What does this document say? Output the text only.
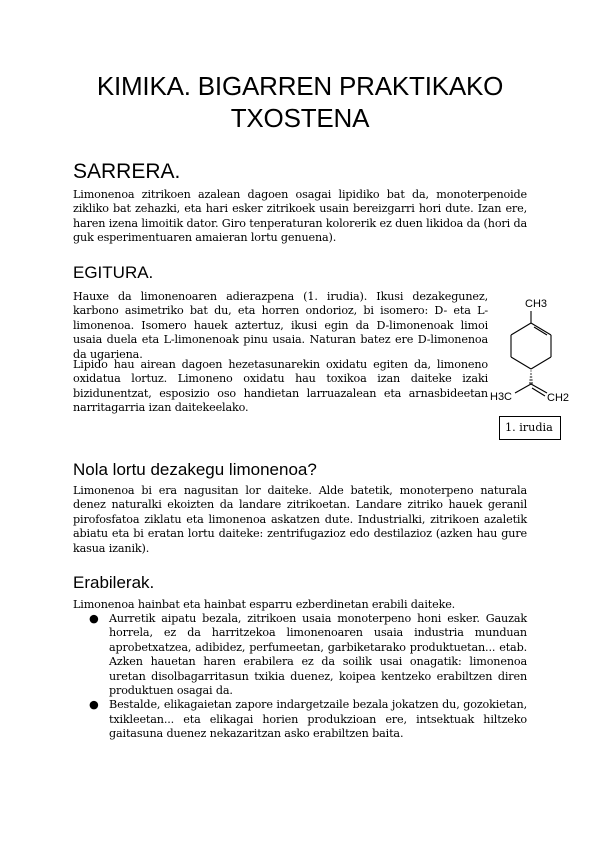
KIMIKA. BIGARREN PRAKTIKAKO
TXOSTENA
SARRERA.
Limonenoa zitrikoen azalean dagoen osagai lipidiko bat da, monoterpenoide zikliko bat zehazki, eta hari esker zitrikoek usain bereizgarri hori dute. Izan ere, haren izena limoitik dator. Giro tenperaturan kolorerik ez duen likidoa da (hori da guk esperimentuaren amaieran lortu genuena).
EGITURA.
Hauxe da limonenoaren adierazpena (1. irudia). Ikusi dezakegunez, karbono asimetriko bat du, eta horren ondorioz, bi isomero: D- eta L-limonenoa. Isomero hauek aztertuz, ikusi egin da D-limonenoak limoi usaia duela eta L-limonenoak pinu usaia. Naturan batez ere D-limonenoa da ugariena.
Lipido hau airean dagoen hezetasunarekin oxidatu egiten da, limoneno oxidatua lortuz. Limoneno oxidatu hau toxikoa izan daiteke izaki bizidunentzat, esposizio oso handietan larruazalean eta arnasbideetan narritagarria izan daitekeelako.
CH3
H3C	CH2
1. irudia
Nola lortu dezakegu limonenoa?
Limonenoa bi era nagusitan lor daiteke. Alde batetik, monoterpeno naturala denez naturalki ekoizten da landare zitrikoetan. Landare zitriko hauek geranil pirofosfatoa ziklatu eta limonenoa askatzen dute. Industrialki, zitrikoen azaletik abiatu eta bi eratan lortu daiteke: zentrifugazioz edo destilazioz (azken hau gure kasua izanik).
Erabilerak.
Limonenoa hainbat eta hainbat esparru ezberdinetan erabili daiteke.
● Aurretik aipatu bezala, zitrikoen usaia monoterpeno honi esker. Gauzak horrela, ez da harritzekoa limonenoaren usaia industria munduan aprobetxatzea, adibidez, perfumeetan, garbiketarako produktuetan... etab. Azken hauetan haren erabilera ez da soilik usai onagatik: limonenoa uretan disolbagarritasun txikia duenez, koipea kentzeko erabiltzen diren produktuen osagai da.
● Bestalde, elikagaietan zapore indargetzaile bezala jokatzen du, gozokietan, txikleetan... eta elikagai horien produkzioan ere, intsektuak hiltzeko gaitasuna duenez nekazaritzan asko erabiltzen baita.
